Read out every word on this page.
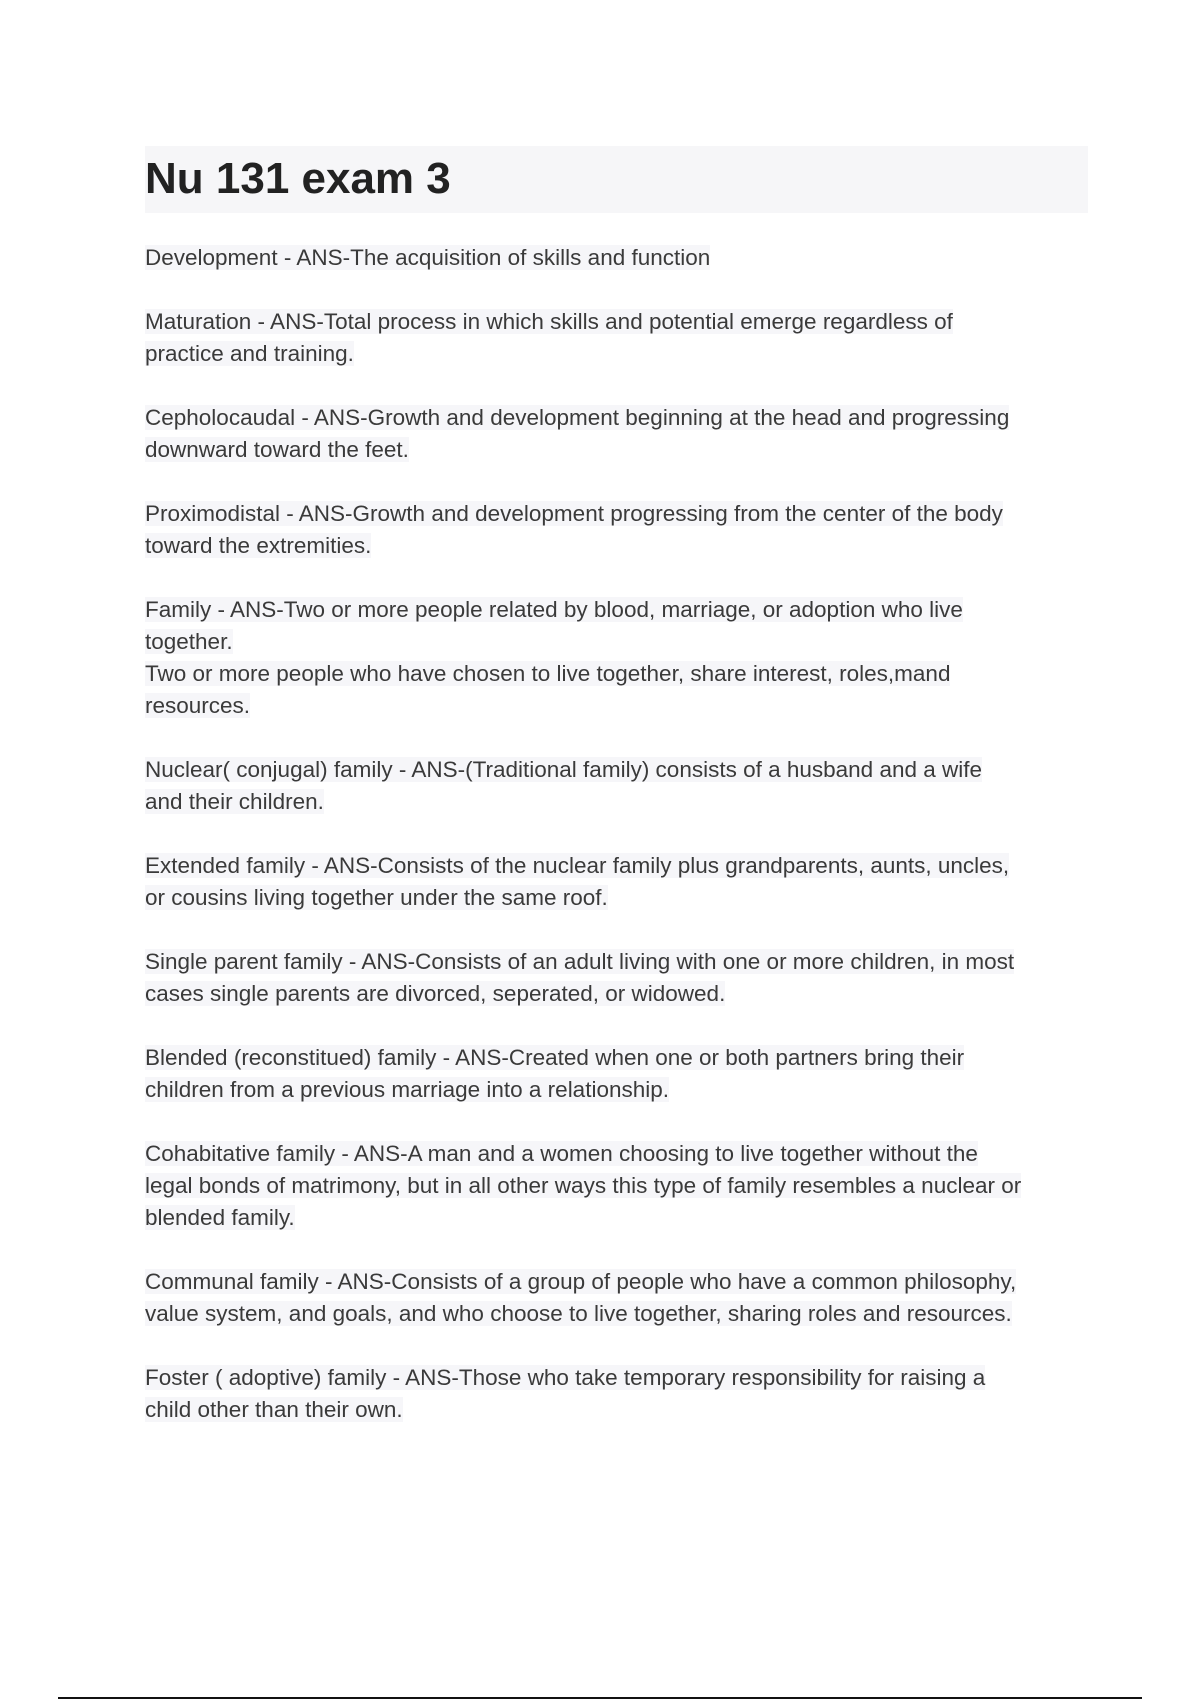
Nu 131 exam 3

Development - ANS-The acquisition of skills and function

Maturation - ANS-Total process in which skills and potential emerge regardless of
practice and training.

Cepholocaudal - ANS-Growth and development beginning at the head and progressing
downward toward the feet.

Proximodistal - ANS-Growth and development progressing from the center of the body
toward the extremities.

Family - ANS-Two or more people related by blood, marriage, or adoption who live
together.
Two or more people who have chosen to live together, share interest, roles,mand
resources.

Nuclear( conjugal) family - ANS-(Traditional family) consists of a husband and a wife
and their children.

Extended family - ANS-Consists of the nuclear family plus grandparents, aunts, uncles,
or cousins living together under the same roof.

Single parent family - ANS-Consists of an adult living with one or more children, in most
cases single parents are divorced, seperated, or widowed.

Blended (reconstitued) family - ANS-Created when one or both partners bring their
children from a previous marriage into a relationship.

Cohabitative family - ANS-A man and a women choosing to live together without the
legal bonds of matrimony, but in all other ways this type of family resembles a nuclear or
blended family.

Communal family - ANS-Consists of a group of people who have a common philosophy,
value system, and goals, and who choose to live together, sharing roles and resources.

Foster ( adoptive) family - ANS-Those who take temporary responsibility for raising a
child other than their own.
